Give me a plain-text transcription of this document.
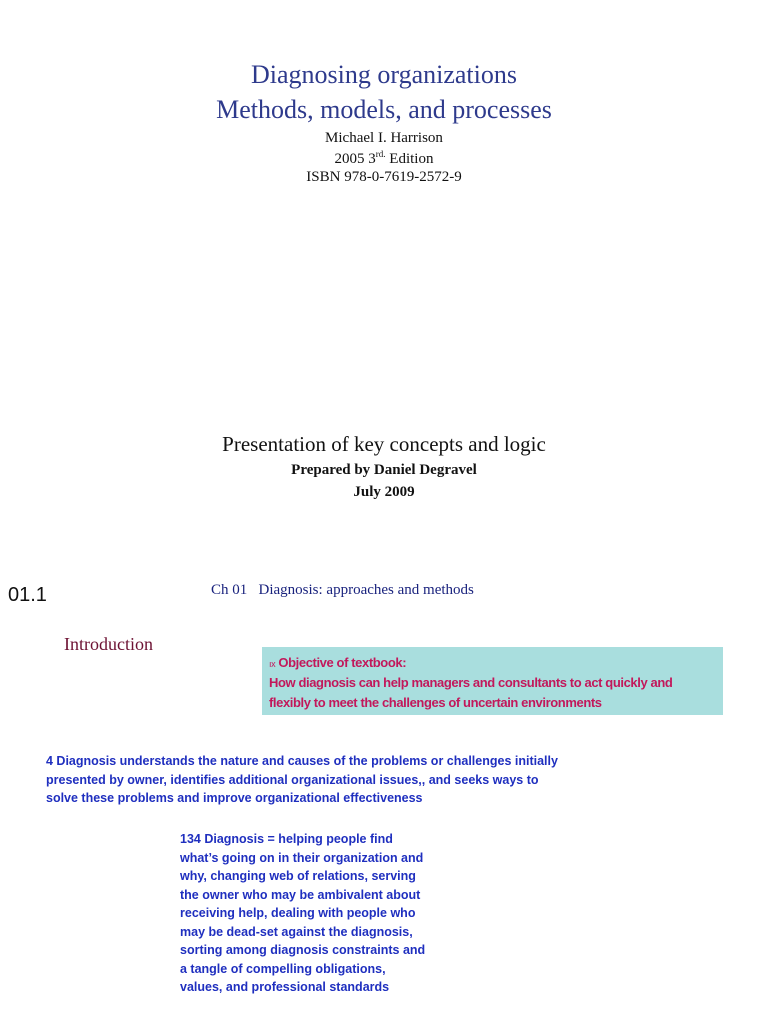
Diagnosing organizations
Methods, models, and processes
Michael I. Harrison
2005 $3^{rd.}$ Edition
ISBN 978-0-7619-2572-9
Presentation of key concepts and logic
Prepared by Daniel Degravel
July 2009
01.1	Ch 01   Diagnosis: approaches and methods
Introduction
ıx Objective of textbook:
How diagnosis can help managers and consultants to act quickly and
flexibly to meet the challenges of uncertain environments
4 Diagnosis understands the nature and causes of the problems or challenges initially
presented by owner, identifies additional organizational issues,, and seeks ways to
solve these problems and improve organizational effectiveness
134 Diagnosis = helping people find
what’s going on in their organization and
why, changing web of relations, serving
the owner who may be ambivalent about
receiving help, dealing with people who
may be dead-set against the diagnosis,
sorting among diagnosis constraints and
a tangle of compelling obligations,
values, and professional standards
